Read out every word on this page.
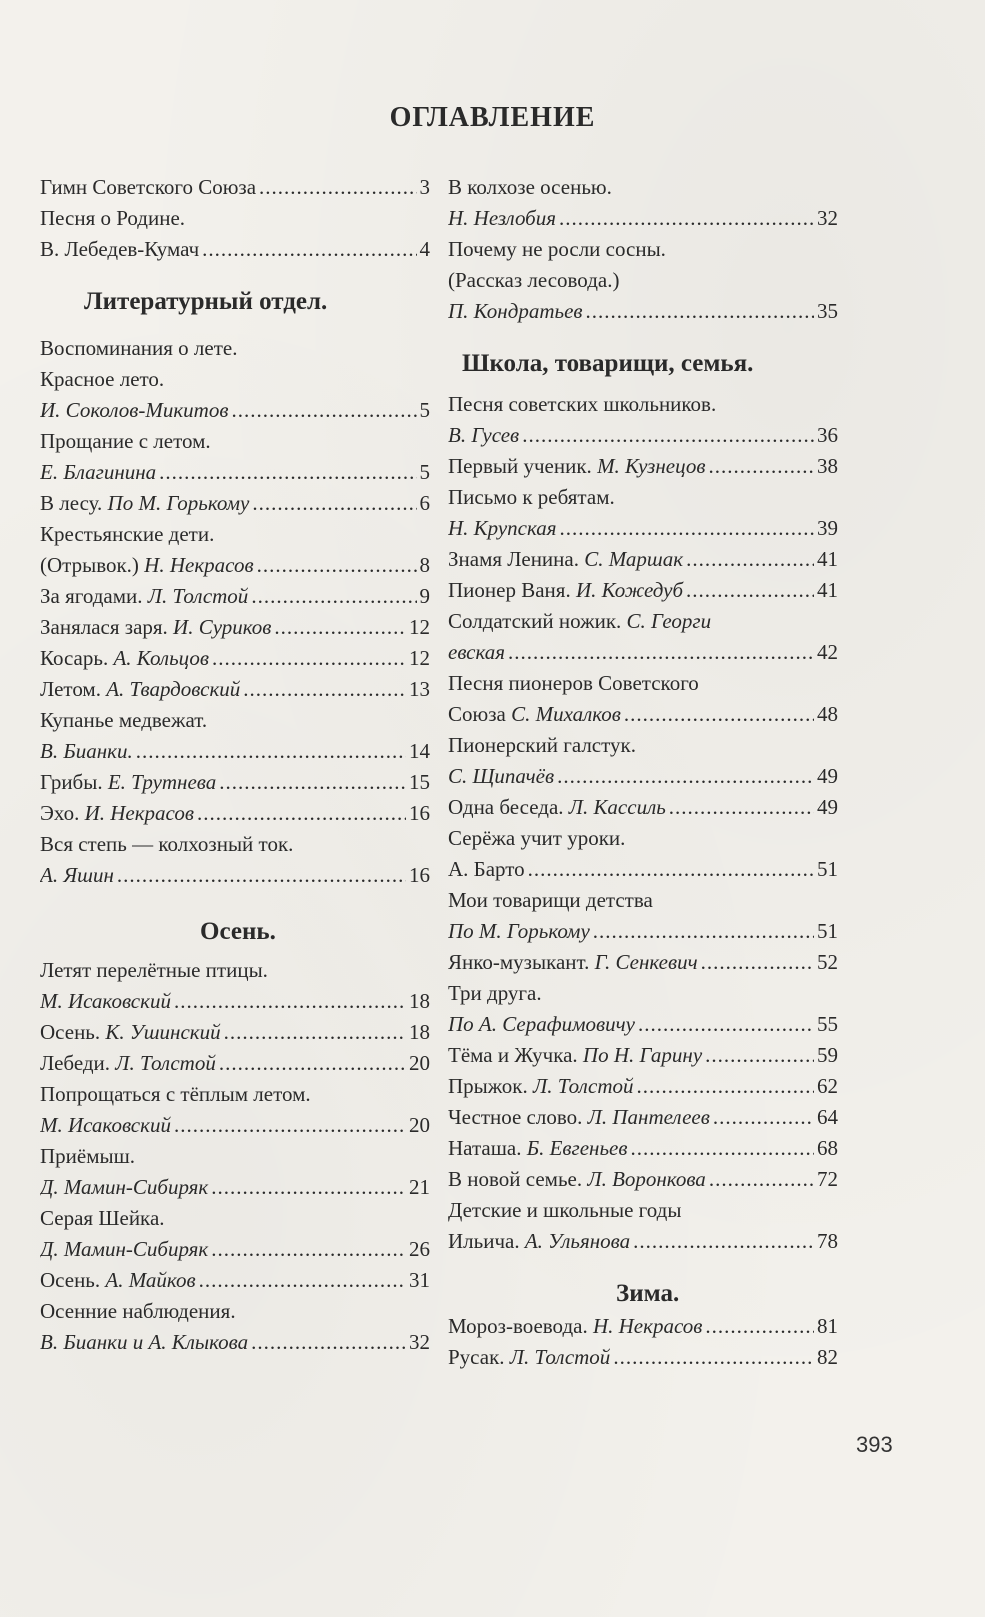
ОГЛАВЛЕНИЕ
Гимн Советского Союза .....	3
Песня о Родине.
В. Лебедев-Кумач .....	4
Литературный отдел.
Воспоминания о лете.
Красное лето.
И. Соколов-Микитов .....	5
Прощание с летом.
Е. Благинина .....	5
В лесу. По М. Горькому .....	6
Крестьянские дети.
(Отрывок.) Н. Некрасов .....	8
За ягодами. Л. Толстой .....	9
Занялася заря. И. Суриков .....	12
Косарь. А. Кольцов .....	12
Летом. А. Твардовский .....	13
Купанье медвежат.
В. Бианки. .....	14
Грибы. Е. Трутнева .....	15
Эхо. И. Некрасов .....	16
Вся степь — колхозный ток.
А. Яшин .....	16
Осень.
Летят перелётные птицы.
М. Исаковский .....	18
Осень. К. Ушинский .....	18
Лебеди. Л. Толстой .....	20
Попрощаться с тёплым летом.
М. Исаковский .....	20
Приёмыш.
Д. Мамин-Сибиряк .....	21
Серая Шейка.
Д. Мамин-Сибиряк .....	26
Осень. А. Майков .....	31
Осенние наблюдения.
В. Бианки и А. Клыкова .....	32
В колхозе осенью.
Н. Незлобия .....	32
Почему не росли сосны.
(Рассказ лесовода.)
П. Кондратьев .....	35
Школа, товарищи, семья.
Песня советских школьников.
В. Гусев .....	36
Первый ученик. М. Кузнецов .....	38
Письмо к ребятам.
Н. Крупская .....	39
Знамя Ленина. С. Маршак .....	41
Пионер Ваня. И. Кожедуб .....	41
Солдатский ножик. С. Георги
евская .....	42
Песня пионеров Советского
Союза С. Михалков .....	48
Пионерский галстук.
С. Щипачёв .....	49
Одна беседа. Л. Кассиль .....	49
Серёжа учит уроки.
А. Барто .....	51
Мои товарищи детства
По М. Горькому .....	51
Янко-музыкант. Г. Сенкевич .....	52
Три друга.
По А. Серафимовичу .....	55
Тёма и Жучка. По Н. Гарину .....	59
Прыжок. Л. Толстой .....	62
Честное слово. Л. Пантелеев .....	64
Наташа. Б. Евгеньев .....	68
В новой семье. Л. Воронкова .....	72
Детские и школьные годы
Ильича. А. Ульянова .....	78
Зима.
Мороз-воевода. Н. Некрасов .....	81
Русак. Л. Толстой .....	82
393
